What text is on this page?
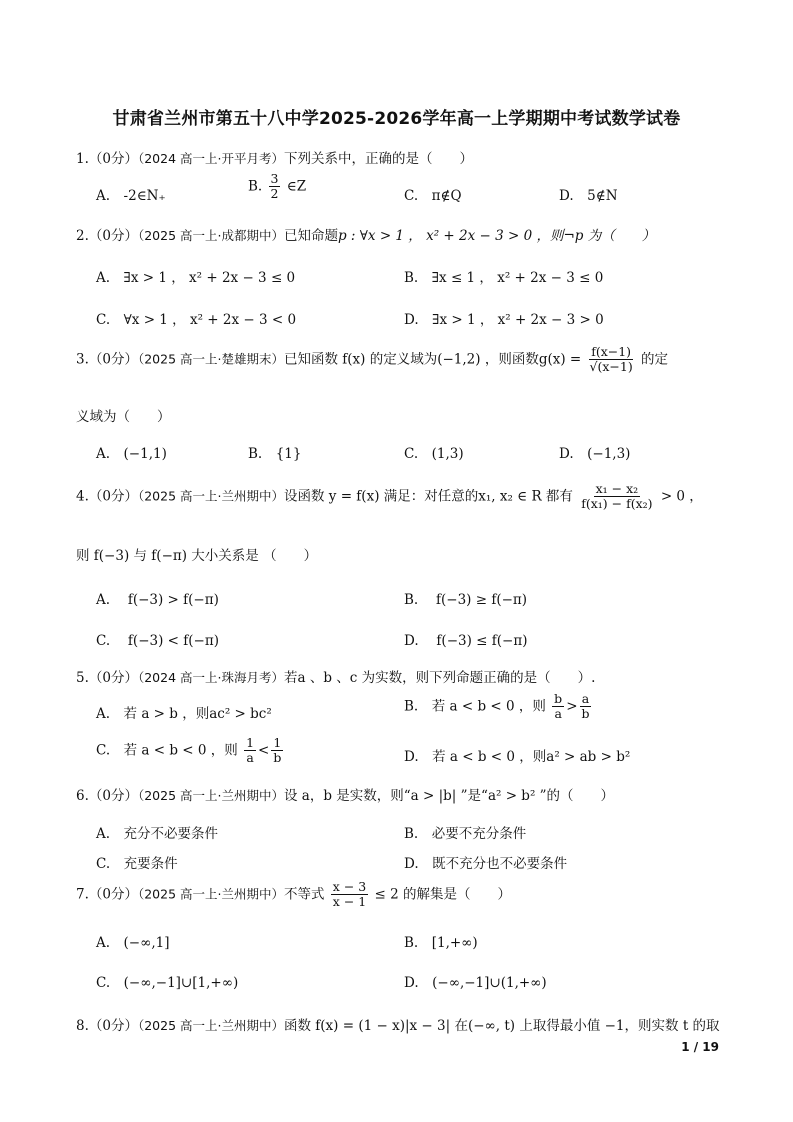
甘肃省兰州市第五十八中学2025-2026学年高一上学期期中考试数学试卷
1.（0分）（2024 高一上·开平月考）下列关系中，正确的是（　　）
A.　-2∈N₊
B. $\frac{3}{2}$ ∈Z
C.　π∉Q	D.　5∉N
2.（0分）（2025 高一上·成都期中）已知命题p : ∀x > 1 ， x² + 2x − 3 > 0 ，则¬p 为（　　）
A.　∃x > 1 ， x² + 2x − 3 ≤ 0	B.　∃x ≤ 1 ， x² + 2x − 3 ≤ 0
C.　∀x > 1 ， x² + 2x − 3 < 0	D.　∃x > 1 ， x² + 2x − 3 > 0
3.（0分）（2025 高一上·楚雄期末）已知函数 f(x) 的定义域为(−1,2) ，则函数$g(x) = \frac{f(x-1)}{√(x-1)}$ 的定
义域为（　　）
A.　(−1,1)	B.　{1}	C.　(1,3)	D.　(−1,3)
4.（0分）（2025 高一上·兰州期中）设函数 y = f(x) 满足：对任意的x₁, x₂ ∈ R 都有 $\frac{\text{x₁ − x₂}}{\text{f(x₁) − f(x₂)}} > 0$ ，
则 f(−3) 与 f(−π) 大小关系是 （　　）
A.　 f(−3) > f(−π)	B.　 f(−3) ≥ f(−π)
C.　 f(−3) < f(−π)	D.　 f(−3) ≤ f(−π)
5.（0分）（2024 高一上·珠海月考）若a 、b 、c 为实数，则下列命题正确的是（　　）.
A.　若 a > b ，则ac² > bc²	B.　若 a < b < 0 ，则 $\frac{b}{a} > \frac{a}{b}$
C.　若 a < b < 0 ，则 $\frac{1}{a} < \frac{1}{b}$	D.　若 a < b < 0 ，则a² > ab > b²
6.（0分）（2025 高一上·兰州期中）设 a，b 是实数，则“a > |b| ”是“a² > b² ”的（　　）
A.　充分不必要条件	B.　必要不充分条件
C.　充要条件	D.　既不充分也不必要条件
7.（0分）（2025 高一上·兰州期中）不等式 $\frac{x - 3}{x - 1} \le 2$ 的解集是（　　）
A.　(−∞,1]	B.　[1,+∞)
C.　(−∞,−1]∪[1,+∞)	D.　(−∞,−1]∪(1,+∞)
8.（0分）（2025 高一上·兰州期中）函数 f(x) = (1 − x)|x − 3| 在(−∞, t) 上取得最小值 −1，则实数 t 的取
1 / 19
